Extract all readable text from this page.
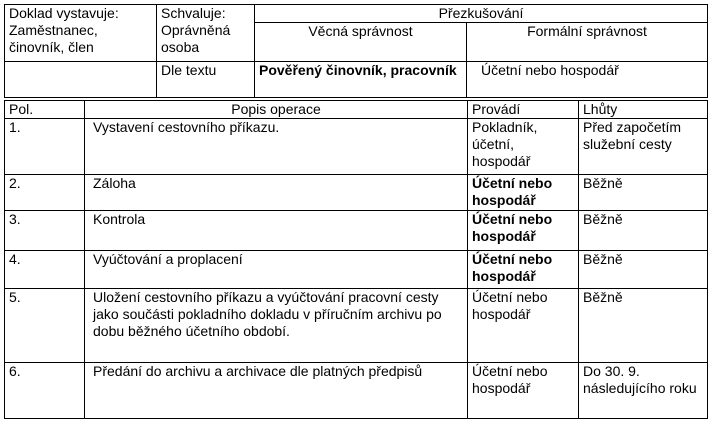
Doklad vystavuje: Zaměstnanec, činovník, člen	Schvaluje: Oprávněná osoba	Přezkušování	
		Věcná správnost	Formální správnost
	Dle textu	Pověřený činovník, pracovník	Účetní nebo hospodář
Pol.	Popis operace	Provádí	Lhůty
1.	Vystavení cestovního příkazu.	Pokladník, účetní, hospodář	Před započetím služební cesty
2.	Záloha	Účetní nebo hospodář	Běžně
3.	Kontrola	Účetní nebo hospodář	Běžně
4.	Vyúčtování a proplacení	Účetní nebo hospodář	Běžně
5.	Uložení cestovního příkazu a vyúčtování pracovní cesty jako součásti pokladního dokladu v příručním archivu po dobu běžného účetního období.	Účetní nebo hospodář	Běžně
6.	Předání do archivu a archivace dle platných předpisů	Účetní nebo hospodář	Do 30. 9. následujícího roku
